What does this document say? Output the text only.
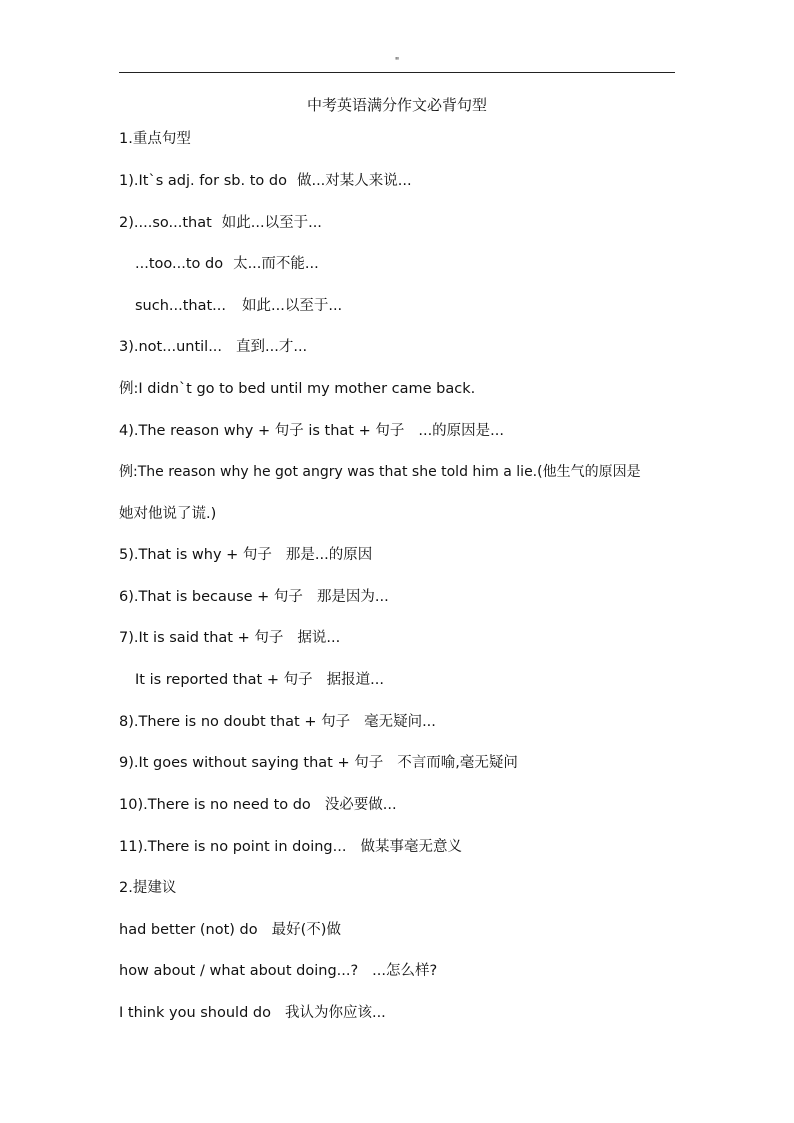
"
中考英语满分作文必背句型
1.重点句型
1).It`s adj. for sb. to do 做...对某人来说...
2)....so...that 如此...以至于...
...too...to do 太...而不能...
such...that... 如此...以至于...
3).not...until... 直到...才...
例:I didn`t go to bed until my mother came back.
4).The reason why + 句子 is that + 句子 ...的原因是...
例:The reason why he got angry was that she told him a lie.(他生气的原因是
她对他说了谎.)
5).That is why + 句子 那是...的原因
6).That is because + 句子 那是因为...
7).It is said that + 句子 据说...
It is reported that + 句子 据报道...
8).There is no doubt that + 句子 毫无疑问...
9).It goes without saying that + 句子 不言而喻,毫无疑问
10).There is no need to do 没必要做...
11).There is no point in doing... 做某事毫无意义
2.提建议
had better (not) do 最好(不)做
how about / what about doing...? ...怎么样?
I think you should do 我认为你应该...
